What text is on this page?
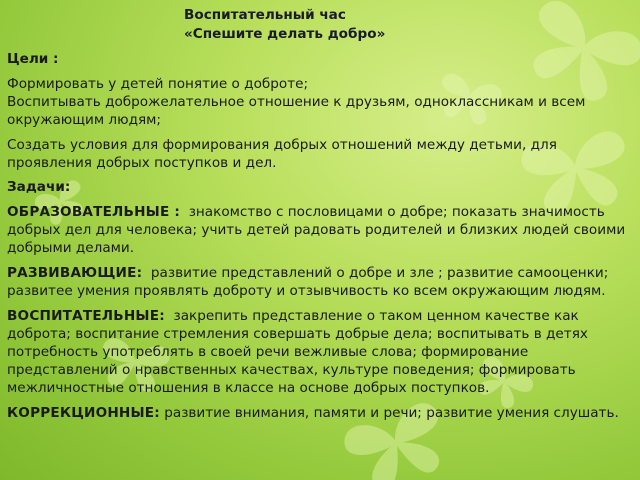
Воспитательный час
«Спешите делать добро»
Цели :

Формировать у детей понятие о доброте;

Воспитывать доброжелательное отношение к друзьям, одноклассникам и всем окружающим людям;

Создать условия для формирования добрых отношений между детьми, для проявления добрых поступков и дел.

Задачи:

ОБРАЗОВАТЕЛЬНЫЕ : знакомство с пословицами о добре; показать значимость добрых дел для человека; учить детей радовать родителей и близких людей своими добрыми делами.

РАЗВИВАЮЩИЕ: развитие представлений о добре и зле ; развитие самооценки; развитее умения проявлять доброту и отзывчивость ко всем окружающим людям.

ВОСПИТАТЕЛЬНЫЕ: закрепить представление о таком ценном качестве как доброта; воспитание стремления совершать добрые дела; воспитывать в детях потребность употреблять в своей речи вежливые слова; формирование представлений о нравственных качествах, культуре поведения; формировать межличностные отношения в классе на основе добрых поступков.

КОРРЕКЦИОННЫЕ: развитие внимания, памяти и речи; развитие умения слушать.
